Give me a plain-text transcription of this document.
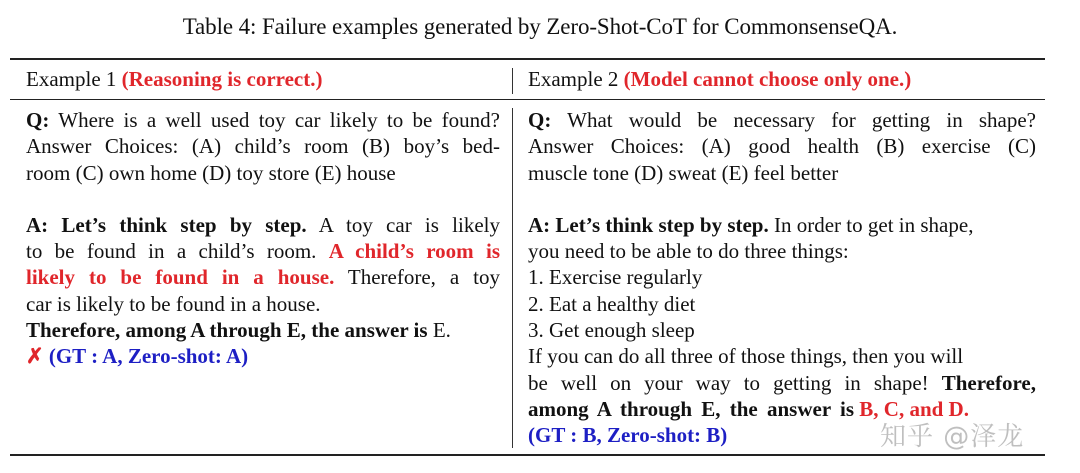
Table 4: Failure examples generated by Zero-Shot-CoT for CommonsenseQA.
Example 1 (Reasoning is correct.)	Example 2 (Model cannot choose only one.)
Q: Where is a well used toy car likely to be found?
Answer Choices: (A) child’s room (B) boy’s bed-
room (C) own home (D) toy store (E) house
A: Let’s think step by step. A toy car is likely
to be found in a child’s room. A child’s room is
likely to be found in a house. Therefore, a toy
car is likely to be found in a house.
Therefore, among A through E, the answer is E.
✗ (GT : A, Zero-shot: A)
Q: What would be necessary for getting in shape?
Answer Choices: (A) good health (B) exercise (C)
muscle tone (D) sweat (E) feel better
A: Let’s think step by step. In order to get in shape,
you need to be able to do three things:
1. Exercise regularly
2. Eat a healthy diet
3. Get enough sleep
If you can do all three of those things, then you will
be well on your way to getting in shape! Therefore,
among A through E, the answer is B, C, and D.
(GT : B, Zero-shot: B)	知乎 @泽龙
